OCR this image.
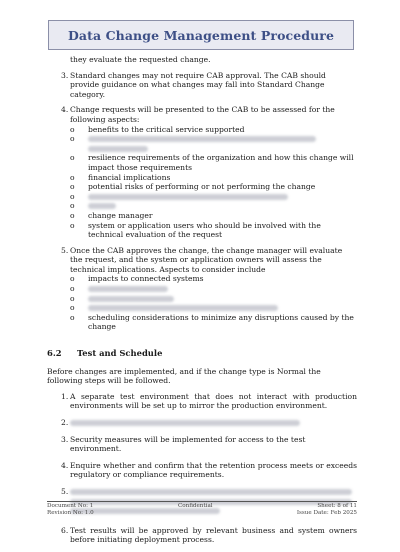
Data Change Management Procedure

they evaluate the requested change.

3. Standard changes may not require CAB approval. The CAB should provide guidance on what changes may fall into Standard Change category.
4. Change requests will be presented to the CAB to be assessed for the following aspects:
o	benefits to the critical service supported
o

o	resilience requirements of the organization and how this change will impact those requirements
o	financial implications
o	potential risks of performing or not performing the change
o
o
o	change manager
o	system or application users who should be involved with the technical evaluation of the request
5. Once the CAB approves the change, the change manager will evaluate the request, and the system or application owners will assess the technical implications. Aspects to consider include
o	impacts to connected systems
o
o
o
o	scheduling considerations to minimize any disruptions caused by the change
6.2	Test and Schedule

Before changes are implemented, and if the change type is Normal the following steps will be followed.

1. A separate test environment that does not interact with production environments will be set up to mirror the production environment.
2.
3. Security measures will be implemented for access to the test environment.
4. Enquire whether and confirm that the retention process meets or exceeds regulatory or compliance requirements.
5.

6. Test results will be approved by relevant business and system owners before initiating deployment process.
Document No: 1
Revision No: 1.0
Confidential	Sheet: 8 of 11
Issue Date: Feb 2025
